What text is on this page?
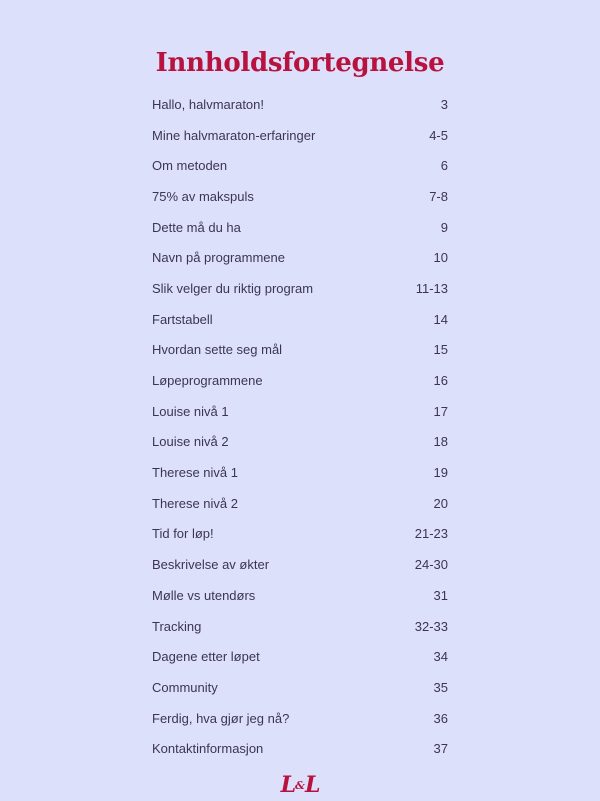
Innholdsfortegnelse
Hallo, halvmaraton!	3
Mine halvmaraton-erfaringer	4-5
Om metoden	6
75% av makspuls	7-8
Dette må du ha	9
Navn på programmene	10
Slik velger du riktig program	11-13
Fartstabell	14
Hvordan sette seg mål	15
Løpeprogrammene	16
Louise nivå 1	17
Louise nivå 2	18
Therese nivå 1	19
Therese nivå 2	20
Tid for løp!	21-23
Beskrivelse av økter	24-30
Mølle vs utendørs	31
Tracking	32-33
Dagene etter løpet	34
Community	35
Ferdig, hva gjør jeg nå?	36
Kontaktinformasjon	37
L&L
